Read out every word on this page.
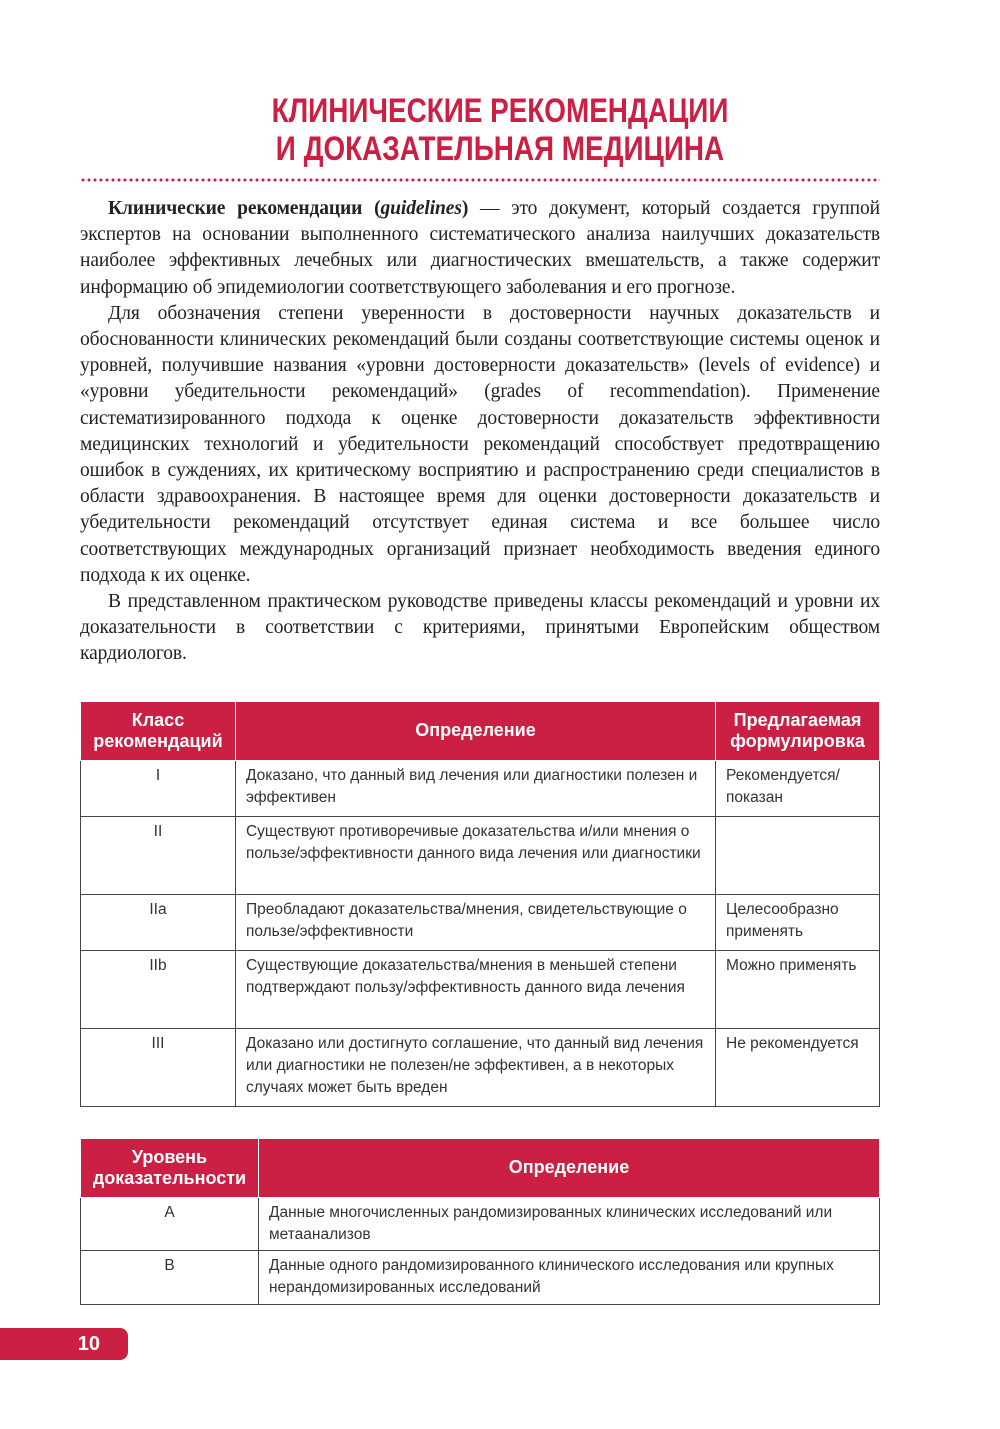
КЛИНИЧЕСКИЕ РЕКОМЕНДАЦИИ
И ДОКАЗАТЕЛЬНАЯ МЕДИЦИНА

Клинические рекомендации (guidelines) — это документ, который создается группой экспертов на основании выполненного систематического анализа наилучших доказательств наиболее эффективных лечебных или диагностических вмешательств, а также содержит информацию об эпидемиологии соответствующего заболевания и его прогнозе.

Для обозначения степени уверенности в достоверности научных доказательств и обоснованности клинических рекомендаций были созданы соответствующие системы оценок и уровней, получившие названия «уровни достоверности доказательств» (levels of evidence) и «уровни убедительности рекомендаций» (grades of recommendation). Применение систематизированного подхода к оценке достоверности доказательств эффективности медицинских технологий и убедительности рекомендаций способствует предотвращению ошибок в суждениях, их критическому восприятию и распространению среди специалистов в области здравоохранения. В настоящее время для оценки достоверности доказательств и убедительности рекомендаций отсутствует единая система и все большее число соответствующих международных организаций признает необходимость введения единого подхода к их оценке.

В представленном практическом руководстве приведены классы рекомендаций и уровни их доказательности в соответствии с критериями, принятыми Европейским обществом кардиологов.

Класс рекомендаций	Определение	Предлагаемая формулировка
I	Доказано, что данный вид лечения или диагностики полезен и эффективен	Рекомендуется/ показан
II	Существуют противоречивые доказательства и/или мнения о пользе/эффективности данного вида лечения или диагностики	
IIa	Преобладают доказательства/мнения, свидетельствующие о пользе/эффективности	Целесообразно применять
IIb	Существующие доказательства/мнения в меньшей степени подтверждают пользу/эффективность данного вида лечения	Можно применять
III	Доказано или достигнуто соглашение, что данный вид лечения или диагностики не полезен/не эффективен, а в некоторых случаях может быть вреден	Не рекомендуется
Уровень доказательности	Определение
A	Данные многочисленных рандомизированных клинических исследований или метаанализов
B	Данные одного рандомизированного клинического исследования или крупных нерандомизированных исследований
10
